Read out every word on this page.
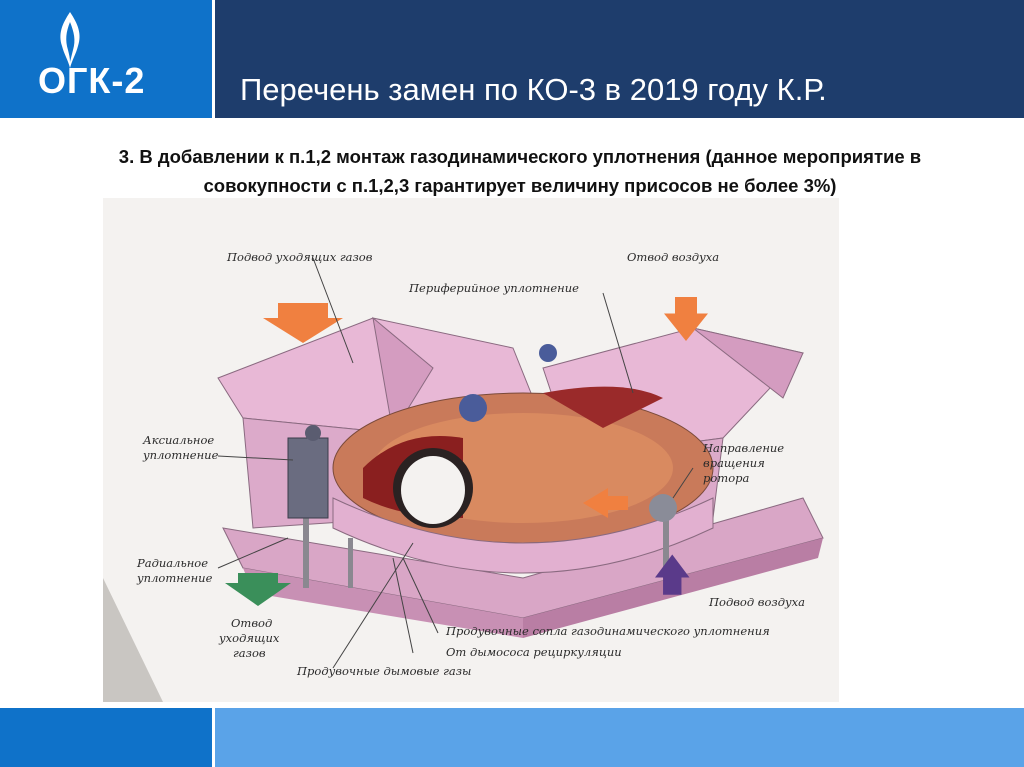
ОГК-2	Перечень замен по КО-3 в 2019 году К.Р.
3. В добавлении к п.1,2 монтаж газодинамического уплотнения (данное мероприятие в
совокупности с п.1,2,3 гарантирует величину присосов не более 3%)
Подвод уходящих газов	Отвод воздуха
Периферийное уплотнение
Аксиальное
уплотнение	Направление
вращения
ротора
Радиальное
уплотнение
Подвод воздуха
Отвод
уходящих
газов
Продувочные сопла газодинамического уплотнения
От дымососа рециркуляции
Продувочные дымовые газы
